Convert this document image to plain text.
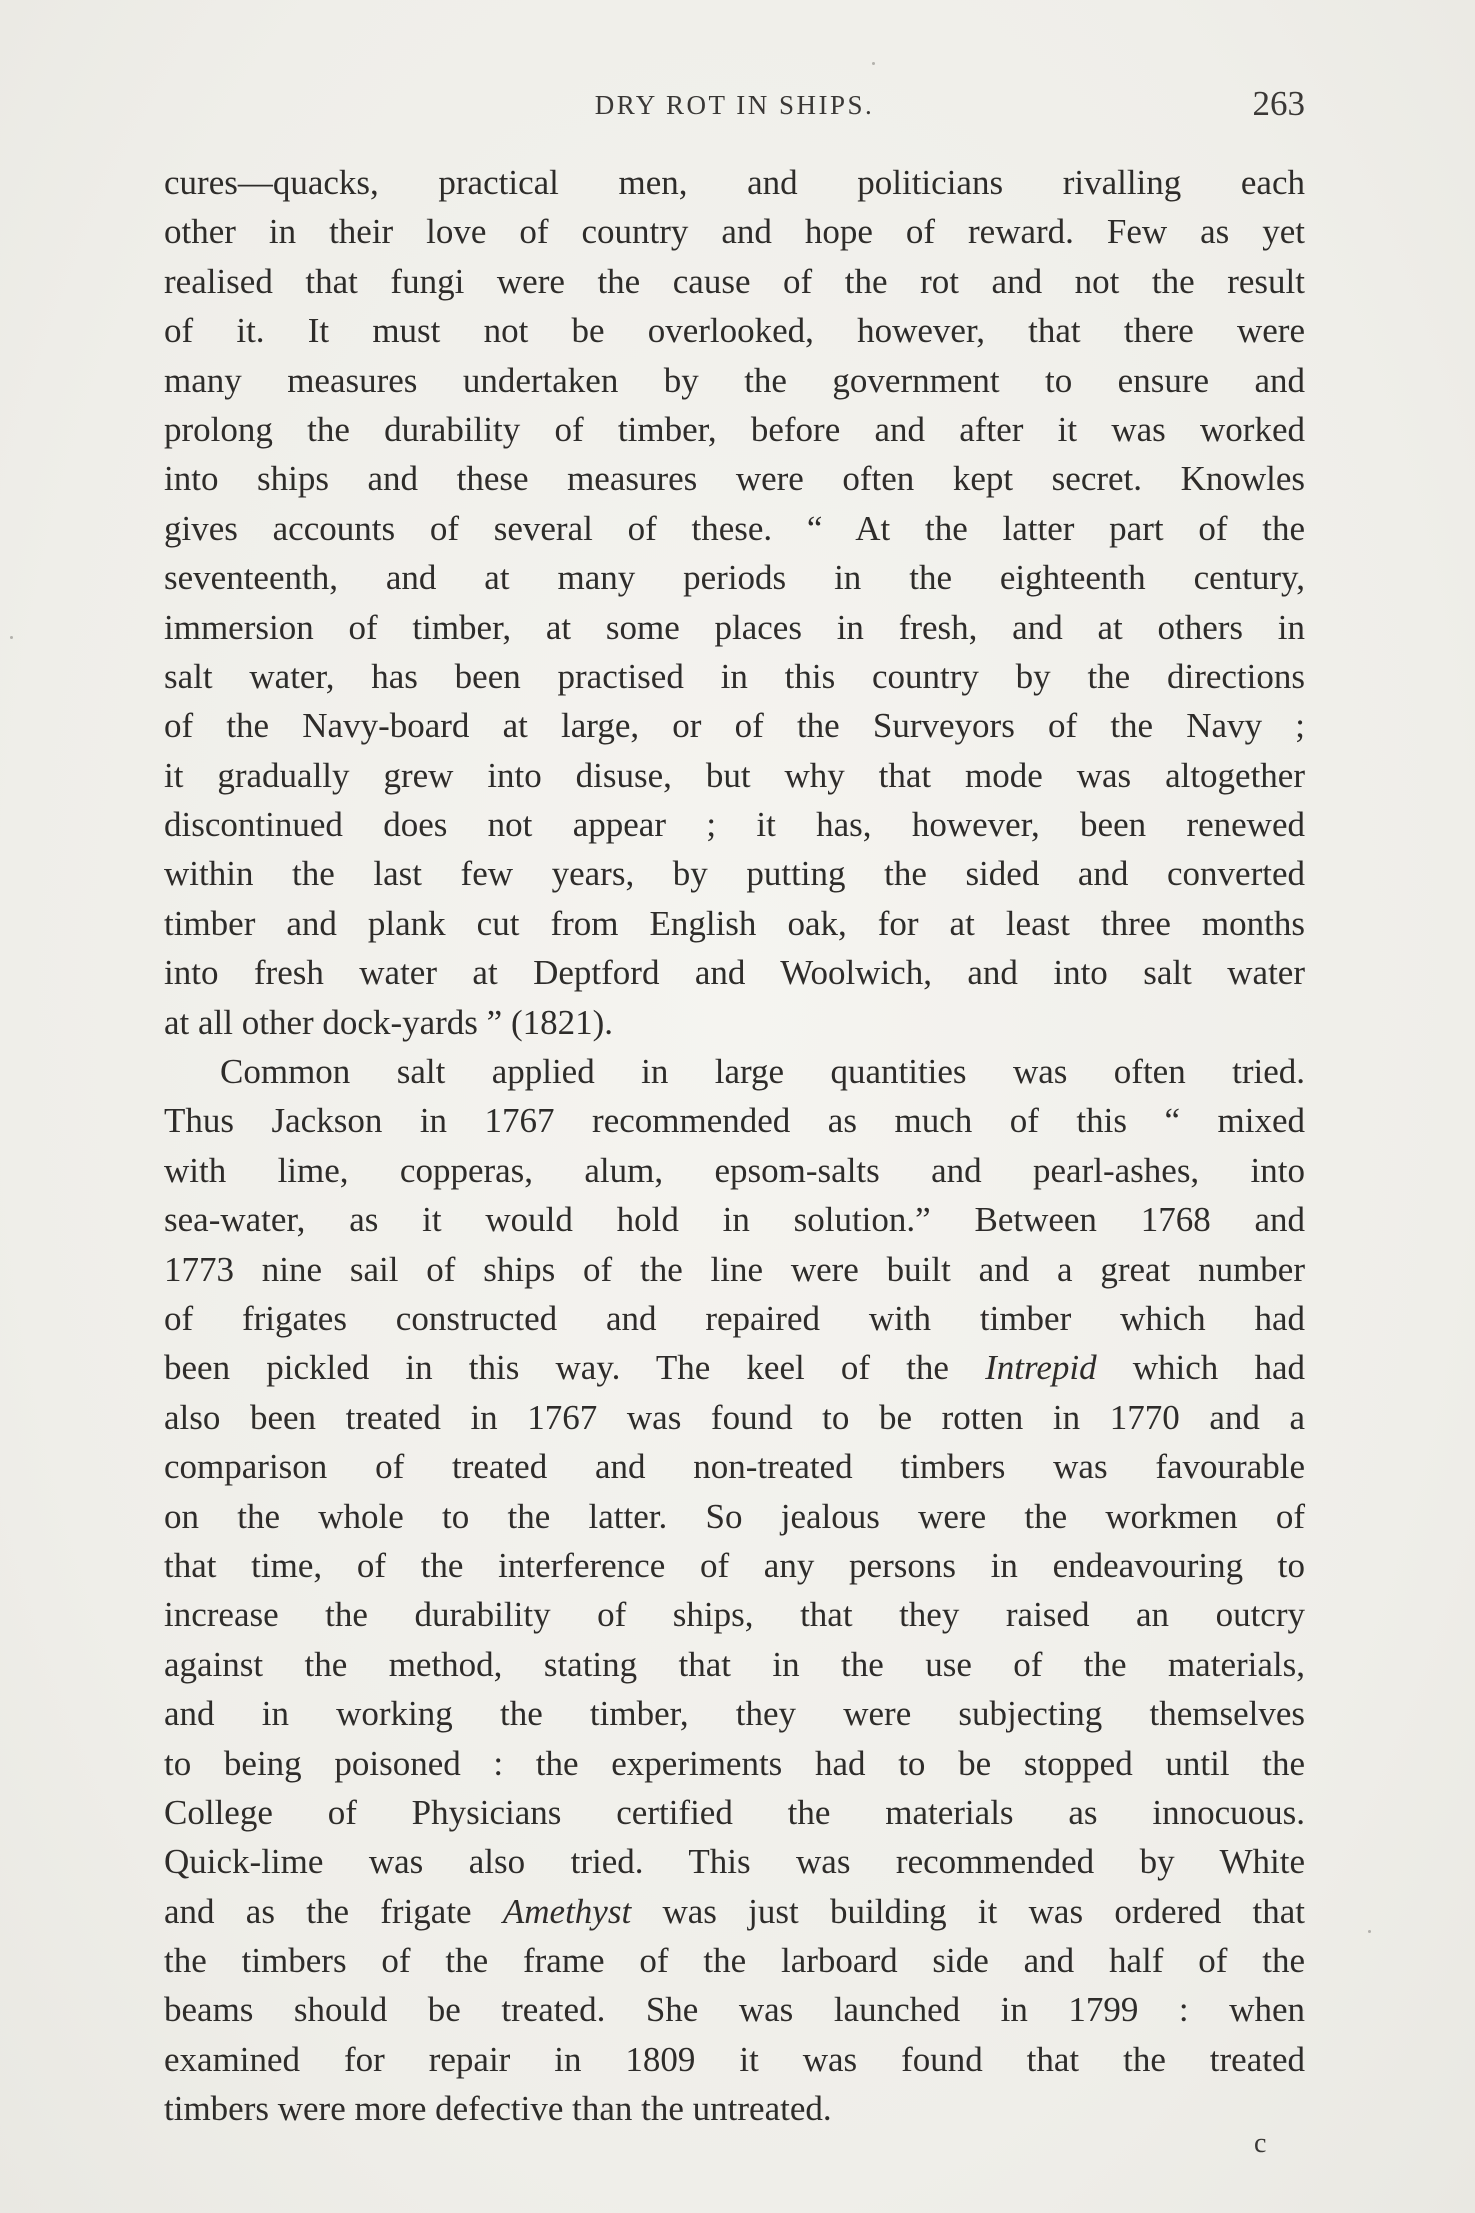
DRY ROT IN SHIPS.	263
cures—quacks, practical men, and politicians rivalling each
other in their love of country and hope of reward. Few as yet
realised that fungi were the cause of the rot and not the result
of it. It must not be overlooked, however, that there were
many measures undertaken by the government to ensure and
prolong the durability of timber, before and after it was worked
into ships and these measures were often kept secret. Knowles
gives accounts of several of these. “ At the latter part of the
seventeenth, and at many periods in the eighteenth century,
immersion of timber, at some places in fresh, and at others in
salt water, has been practised in this country by the directions
of the Navy-board at large, or of the Surveyors of the Navy ;
it gradually grew into disuse, but why that mode was altogether
discontinued does not appear ; it has, however, been renewed
within the last few years, by putting the sided and converted
timber and plank cut from English oak, for at least three months
into fresh water at Deptford and Woolwich, and into salt water
at all other dock-yards ” (1821).
Common salt applied in large quantities was often tried.
Thus Jackson in 1767 recommended as much of this “ mixed
with lime, copperas, alum, epsom-salts and pearl-ashes, into
sea-water, as it would hold in solution.” Between 1768 and
1773 nine sail of ships of the line were built and a great number
of frigates constructed and repaired with timber which had
been pickled in this way. The keel of the Intrepid which had
also been treated in 1767 was found to be rotten in 1770 and a
comparison of treated and non-treated timbers was favourable
on the whole to the latter. So jealous were the workmen of
that time, of the interference of any persons in endeavouring to
increase the durability of ships, that they raised an outcry
against the method, stating that in the use of the materials,
and in working the timber, they were subjecting themselves
to being poisoned : the experiments had to be stopped until the
College of Physicians certified the materials as innocuous.
Quick-lime was also tried. This was recommended by White
and as the frigate Amethyst was just building it was ordered that
the timbers of the frame of the larboard side and half of the
beams should be treated. She was launched in 1799 : when
examined for repair in 1809 it was found that the treated
timbers were more defective than the untreated.
c
